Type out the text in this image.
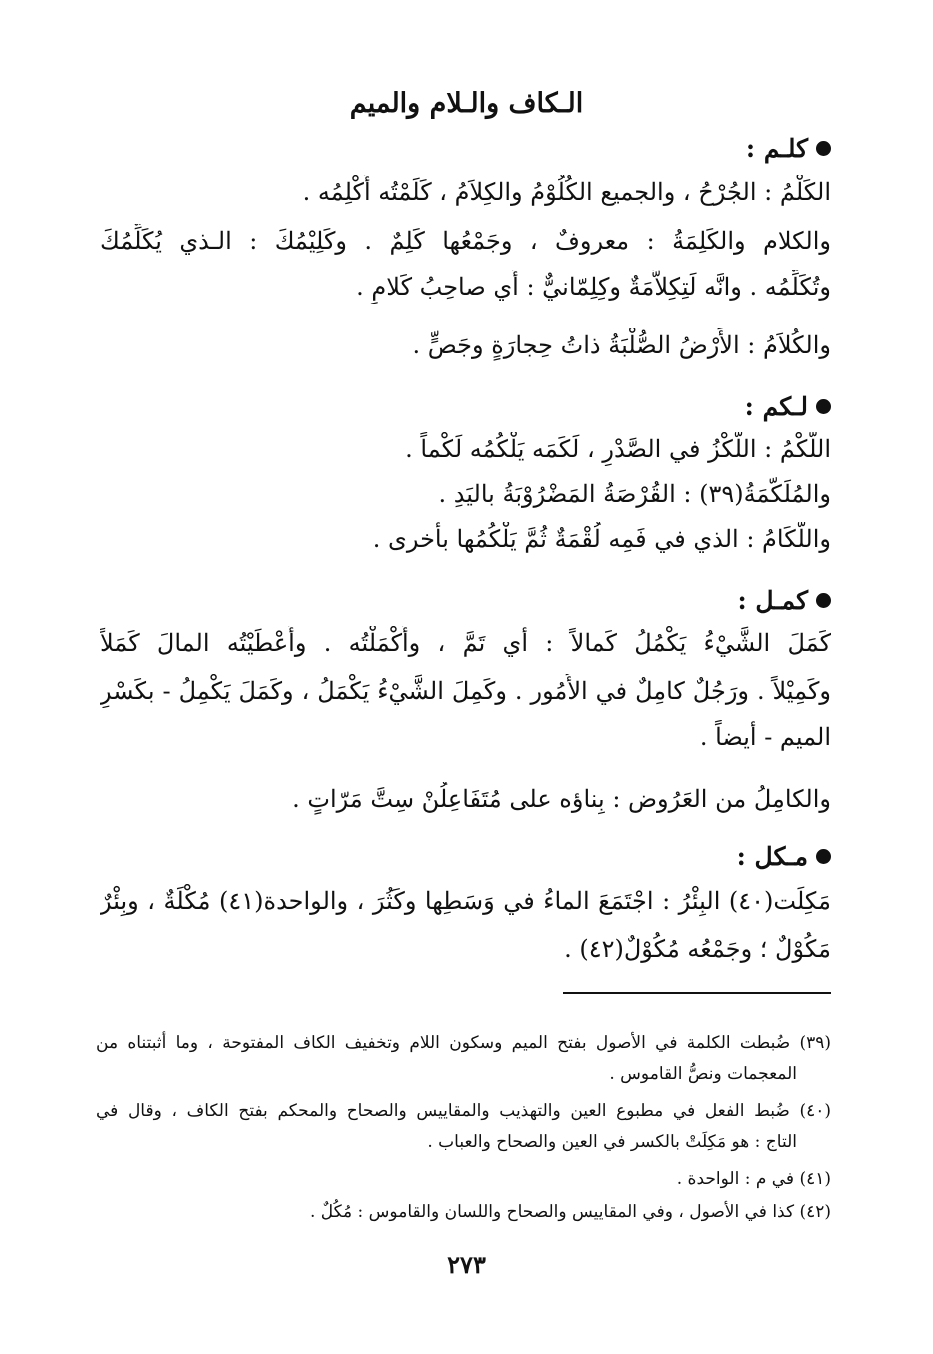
الـكاف والـلام والميم
كلـم :
الكَلْمُ : الجُرْحُ ، والجميع الكُلُوْمُ والكِلاَمُ ، كَلَمْتُه أَكْلِمُه .
والكلام والكَلِمَةُ : معروفٌ ، وجَمْعُها كَلِمٌ . وكَلِيْمُكَ : الـذي يُكَلِّمُكَ
وتُكَلِّمُه . وانَّه لَتِكِلاَّمَةٌ وكِلِمّانيٌّ : أَي صاحِبُ كَلامٍ .
والكُلاَمُ : الأَرْضُ الصُّلْبَةُ ذاتُ حِجارَةٍ وجَصٍّ .
لـكم :
اللَّكْمُ : اللَّكْزُ في الصَّدْرِ ، لَكَمَه يَلْكُمُه لَكْماً .
والمُلَكَّمَةُ(٣٩) : القُرْصَةُ المَضْرُوْبَةُ باليَدِ .
واللُّكَامُ : الذي في فَمِه لُقْمَةٌ ثُمَّ يَلْكُمُها بأُخرى .
كمـل :
كَمَلَ الشَّيْءُ يَكْمُلُ كَمالاً : أي تَمَّ ، وأَكْمَلْتُه . وأَعْطَيْتُه المالَ كَمَلاً
وكَمِيْلاً . ورَجُلٌ كامِلٌ في الأُمُور . وكَمِلَ الشَّيْءُ يَكْمَلُ ، وكَمَلَ يَكْمِلُ - بكَسْرِ
الميم - أيضاً .
والكامِلُ من العَرُوض : بِناؤه على مُتَفَاعِلُنْ سِتَّ مَرّاتٍ .
مـكل :
مَكِلَت(٤٠) البِئْرُ : اجْتَمَعَ الماءُ في وَسَطِها وكَثُرَ ، والواحدة(٤١) مُكْلَةٌ ، وبِئْرٌ
مَكُوْلٌ ؛ وجَمْعُه مُكُوْلٌ(٤٢) .
(٣٩) ضُبطت الكلمة في الأصول بفتح الميم وسكون اللام وتخفيف الكاف المفتوحة ، وما أثبتناه من
المعجمات ونصُّ القاموس .
(٤٠) ضُبط الفعل في مطبوع العين والتهذيب والمقاييس والصحاح والمحكم بفتح الكاف ، وقال في
التاج : هو مَكِلَتْ بالكسر في العين والصحاح والعباب .
(٤١) في م : الواحدة .
(٤٢) كذا في الأصول ، وفي المقاييس والصحاح واللسان والقاموس : مُكُلٌ .
٢٧٣
